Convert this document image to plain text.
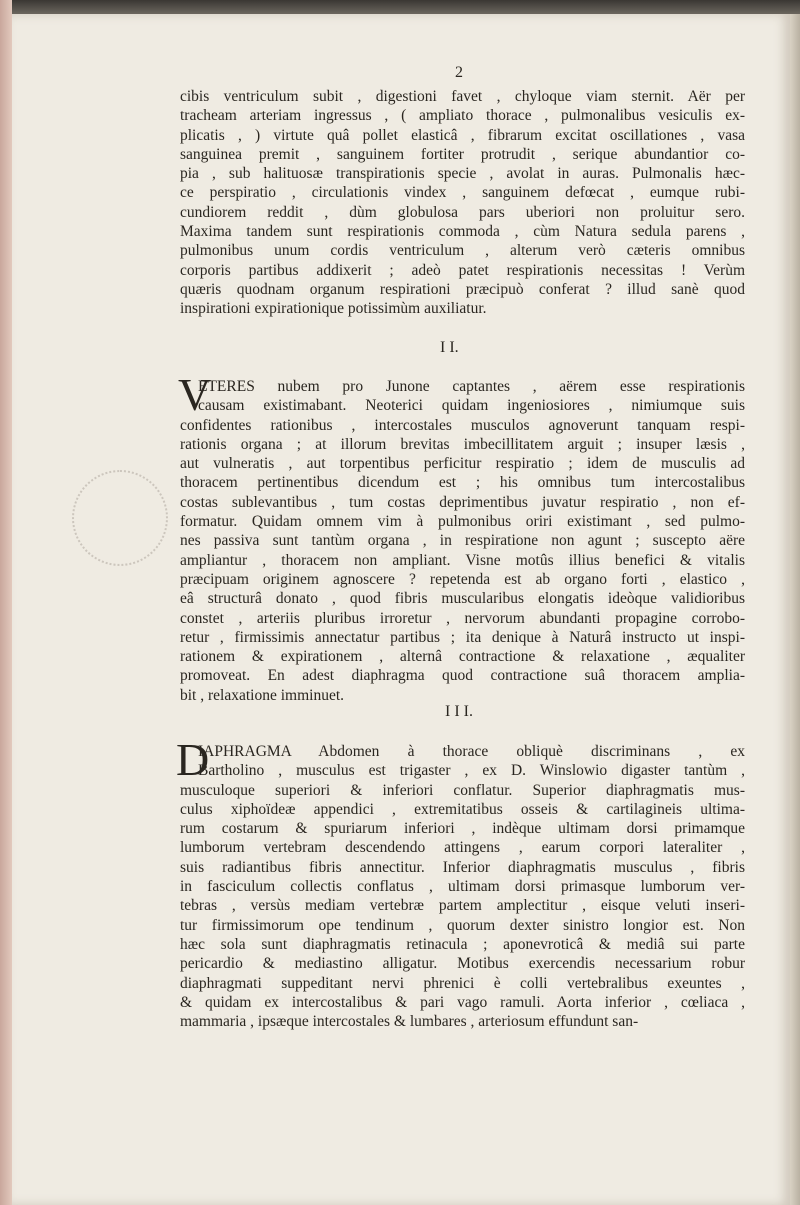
2
cibis ventriculum subit , digestioni favet , chyloque viam sternit. Aër per
tracheam arteriam ingressus , ( ampliato thorace , pulmonalibus vesiculis ex-
plicatis , ) virtute quâ pollet elasticâ , fibrarum excitat oscillationes , vasa
sanguinea premit , sanguinem fortiter protrudit , serique abundantior co-
pia , sub halituosæ transpirationis specie , avolat in auras. Pulmonalis hæc-
ce perspiratio , circulationis vindex , sanguinem defœcat , eumque rubi-
cundiorem reddit , dùm globulosa pars uberiori non proluitur sero.
Maxima tandem sunt respirationis commoda , cùm Natura sedula parens ,
pulmonibus unum cordis ventriculum , alterum verò cæteris omnibus
corporis partibus addixerit ; adeò patet respirationis necessitas ! Verùm
quæris quodnam organum respirationi præcipuò conferat ? illud sanè quod
inspirationi expirationique potissimùm auxiliatur.
I I.
V
ETERES nubem pro Junone captantes , aërem esse respirationis
causam existimabant. Neoterici quidam ingeniosiores , nimiumque suis
confidentes rationibus , intercostales musculos agnoverunt tanquam respi-
rationis organa ; at illorum brevitas imbecillitatem arguit ; insuper læsis ,
aut vulneratis , aut torpentibus perficitur respiratio ; idem de musculis ad
thoracem pertinentibus dicendum est ; his omnibus tum intercostalibus
costas sublevantibus , tum costas deprimentibus juvatur respiratio , non ef-
formatur. Quidam omnem vim à pulmonibus oriri existimant , sed pulmo-
nes passiva sunt tantùm organa , in respiratione non agunt ; suscepto aëre
ampliantur , thoracem non ampliant. Visne motûs illius benefici & vitalis
præcipuam originem agnoscere ? repetenda est ab organo forti , elastico ,
eâ structurâ donato , quod fibris muscularibus elongatis ideòque validioribus
constet , arteriis pluribus irroretur , nervorum abundanti propagine corrobo-
retur , firmissimis annectatur partibus ; ita denique à Naturâ instructo ut inspi-
rationem & expirationem , alternâ contractione & relaxatione , æqualiter
promoveat. En adest diaphragma quod contractione suâ thoracem amplia-
bit , relaxatione imminuet.
I I I.
D
IAPHRAGMA Abdomen à thorace obliquè discriminans , ex
Bartholino , musculus est trigaster , ex D. Winslowio digaster tantùm ,
musculoque superiori & inferiori conflatur. Superior diaphragmatis mus-
culus xiphoïdeæ appendici , extremitatibus osseis & cartilagineis ultima-
rum costarum & spuriarum inferiori , indèque ultimam dorsi primamque
lumborum vertebram descendendo attingens , earum corpori lateraliter ,
suis radiantibus fibris annectitur. Inferior diaphragmatis musculus , fibris
in fasciculum collectis conflatus , ultimam dorsi primasque lumborum ver-
tebras , versùs mediam vertebræ partem amplectitur , eisque veluti inseri-
tur firmissimorum ope tendinum , quorum dexter sinistro longior est. Non
hæc sola sunt diaphragmatis retinacula ; aponevroticâ & mediâ sui parte
pericardio & mediastino alligatur. Motibus exercendis necessarium robur
diaphragmati suppeditant nervi phrenici è colli vertebralibus exeuntes ,
& quidam ex intercostalibus & pari vago ramuli. Aorta inferior , cœliaca ,
mammaria , ipsæque intercostales & lumbares , arteriosum effundunt san-
